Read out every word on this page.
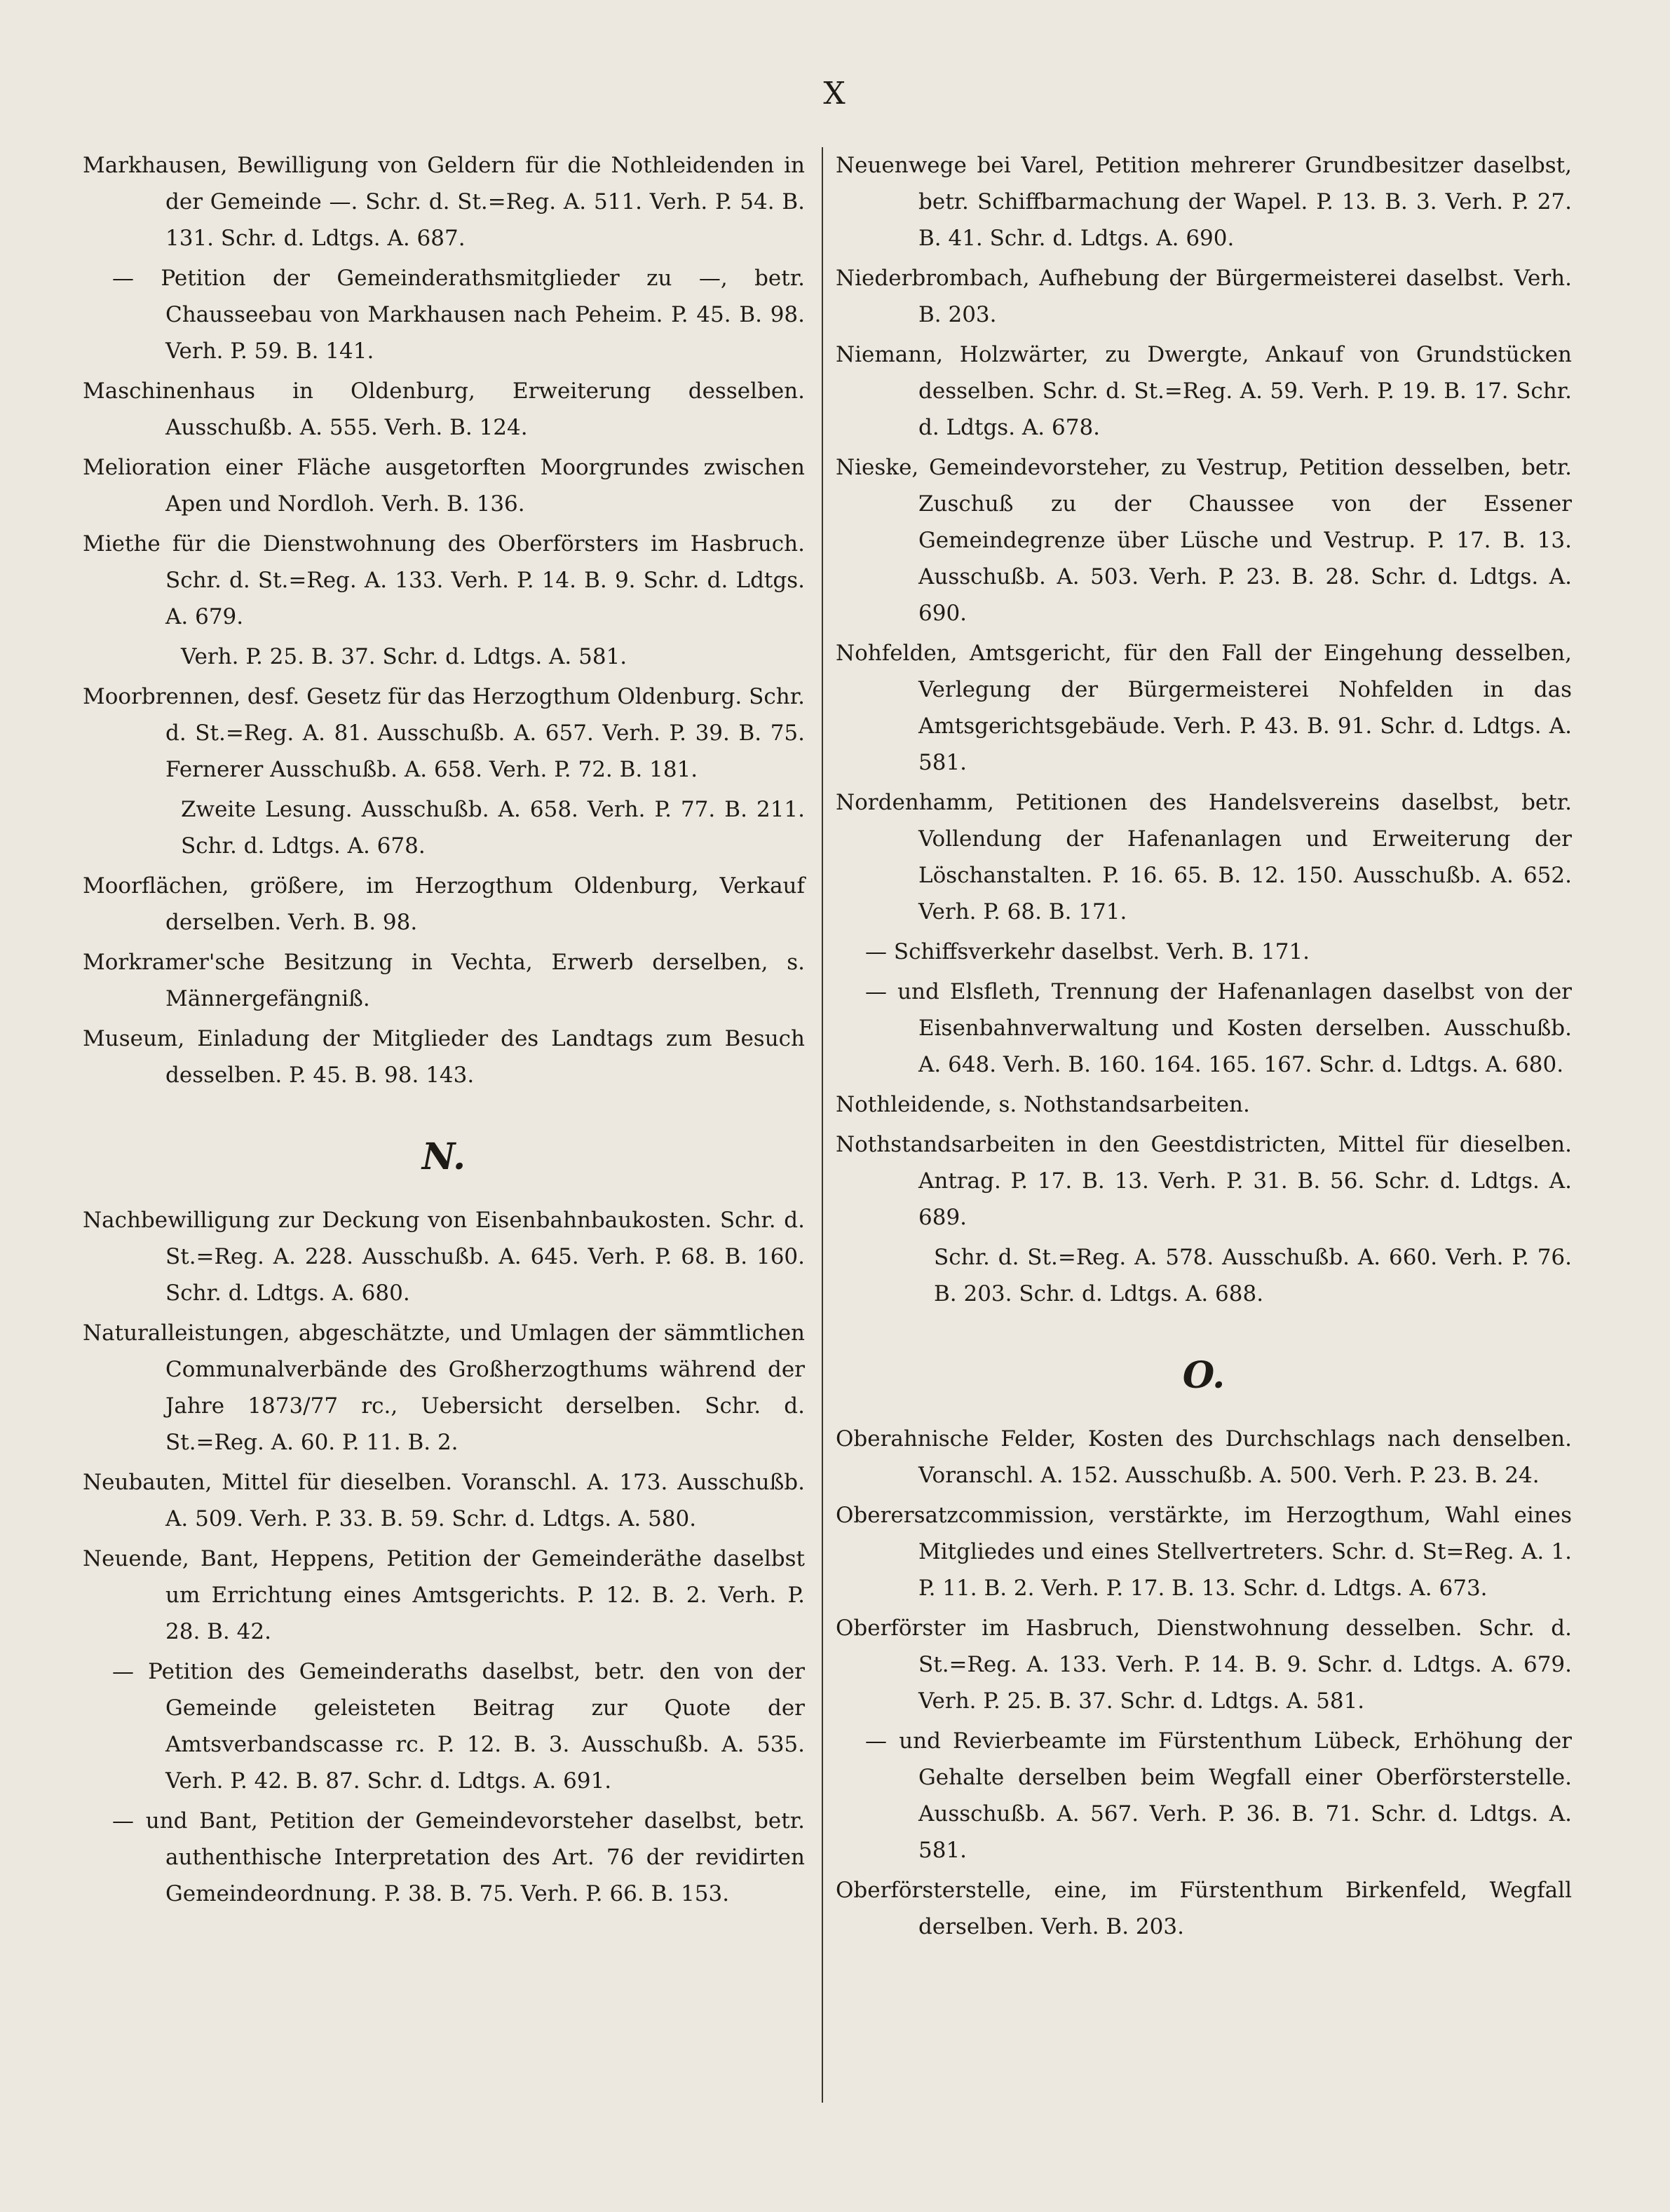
X

Markhausen, Bewilligung von Geldern für die Nothleidenden in der Gemeinde —. Schr. d. St.=Reg. A. 511. Verh. P. 54. B. 131. Schr. d. Ldtgs. A. 687.

— Petition der Gemeinderathsmitglieder zu —, betr. Chausseebau von Markhausen nach Peheim. P. 45. B. 98. Verh. P. 59. B. 141.

Maschinenhaus in Oldenburg, Erweiterung desselben. Ausschußb. A. 555. Verh. B. 124.

Melioration einer Fläche ausgetorften Moorgrundes zwischen Apen und Nordloh. Verh. B. 136.

Miethe für die Dienstwohnung des Oberförsters im Hasbruch. Schr. d. St.=Reg. A. 133. Verh. P. 14. B. 9. Schr. d. Ldtgs. A. 679.

Verh. P. 25. B. 37. Schr. d. Ldtgs. A. 581.

Moorbrennen, desf. Gesetz für das Herzogthum Oldenburg. Schr. d. St.=Reg. A. 81. Ausschußb. A. 657. Verh. P. 39. B. 75. Fernerer Ausschußb. A. 658. Verh. P. 72. B. 181.

Zweite Lesung. Ausschußb. A. 658. Verh. P. 77. B. 211. Schr. d. Ldtgs. A. 678.

Moorflächen, größere, im Herzogthum Oldenburg, Verkauf derselben. Verh. B. 98.

Morkramer'sche Besitzung in Vechta, Erwerb derselben, s. Männergefängniß.

Museum, Einladung der Mitglieder des Landtags zum Besuch desselben. P. 45. B. 98. 143.

N.

Nachbewilligung zur Deckung von Eisenbahnbaukosten. Schr. d. St.=Reg. A. 228. Ausschußb. A. 645. Verh. P. 68. B. 160. Schr. d. Ldtgs. A. 680.

Naturalleistungen, abgeschätzte, und Umlagen der sämmtlichen Communalverbände des Großherzogthums während der Jahre 1873/77 rc., Uebersicht derselben. Schr. d. St.=Reg. A. 60. P. 11. B. 2.

Neubauten, Mittel für dieselben. Voranschl. A. 173. Ausschußb. A. 509. Verh. P. 33. B. 59. Schr. d. Ldtgs. A. 580.

Neuende, Bant, Heppens, Petition der Gemeinderäthe daselbst um Errichtung eines Amtsgerichts. P. 12. B. 2. Verh. P. 28. B. 42.

— Petition des Gemeinderaths daselbst, betr. den von der Gemeinde geleisteten Beitrag zur Quote der Amtsverbandscasse rc. P. 12. B. 3. Ausschußb. A. 535. Verh. P. 42. B. 87. Schr. d. Ldtgs. A. 691.

— und Bant, Petition der Gemeindevorsteher daselbst, betr. authenthische Interpretation des Art. 76 der revidirten Gemeindeordnung. P. 38. B. 75. Verh. P. 66. B. 153.

Neuenwege bei Varel, Petition mehrerer Grundbesitzer daselbst, betr. Schiffbarmachung der Wapel. P. 13. B. 3. Verh. P. 27. B. 41. Schr. d. Ldtgs. A. 690.

Niederbrombach, Aufhebung der Bürgermeisterei daselbst. Verh. B. 203.

Niemann, Holzwärter, zu Dwergte, Ankauf von Grundstücken desselben. Schr. d. St.=Reg. A. 59. Verh. P. 19. B. 17. Schr. d. Ldtgs. A. 678.

Nieske, Gemeindevorsteher, zu Vestrup, Petition desselben, betr. Zuschuß zu der Chaussee von der Essener Gemeindegrenze über Lüsche und Vestrup. P. 17. B. 13. Ausschußb. A. 503. Verh. P. 23. B. 28. Schr. d. Ldtgs. A. 690.

Nohfelden, Amtsgericht, für den Fall der Eingehung desselben, Verlegung der Bürgermeisterei Nohfelden in das Amtsgerichtsgebäude. Verh. P. 43. B. 91. Schr. d. Ldtgs. A. 581.

Nordenhamm, Petitionen des Handelsvereins daselbst, betr. Vollendung der Hafenanlagen und Erweiterung der Löschanstalten. P. 16. 65. B. 12. 150. Ausschußb. A. 652. Verh. P. 68. B. 171.

— Schiffsverkehr daselbst. Verh. B. 171.

— und Elsfleth, Trennung der Hafenanlagen daselbst von der Eisenbahnverwaltung und Kosten derselben. Ausschußb. A. 648. Verh. B. 160. 164. 165. 167. Schr. d. Ldtgs. A. 680.

Nothleidende, s. Nothstandsarbeiten.

Nothstandsarbeiten in den Geestdistricten, Mittel für dieselben. Antrag. P. 17. B. 13. Verh. P. 31. B. 56. Schr. d. Ldtgs. A. 689.

Schr. d. St.=Reg. A. 578. Ausschußb. A. 660. Verh. P. 76. B. 203. Schr. d. Ldtgs. A. 688.

O.

Oberahnische Felder, Kosten des Durchschlags nach denselben. Voranschl. A. 152. Ausschußb. A. 500. Verh. P. 23. B. 24.

Oberersatzcommission, verstärkte, im Herzogthum, Wahl eines Mitgliedes und eines Stellvertreters. Schr. d. St=Reg. A. 1. P. 11. B. 2. Verh. P. 17. B. 13. Schr. d. Ldtgs. A. 673.

Oberförster im Hasbruch, Dienstwohnung desselben. Schr. d. St.=Reg. A. 133. Verh. P. 14. B. 9. Schr. d. Ldtgs. A. 679. Verh. P. 25. B. 37. Schr. d. Ldtgs. A. 581.

— und Revierbeamte im Fürstenthum Lübeck, Erhöhung der Gehalte derselben beim Wegfall einer Oberförsterstelle. Ausschußb. A. 567. Verh. P. 36. B. 71. Schr. d. Ldtgs. A. 581.

Oberförsterstelle, eine, im Fürstenthum Birkenfeld, Wegfall derselben. Verh. B. 203.
